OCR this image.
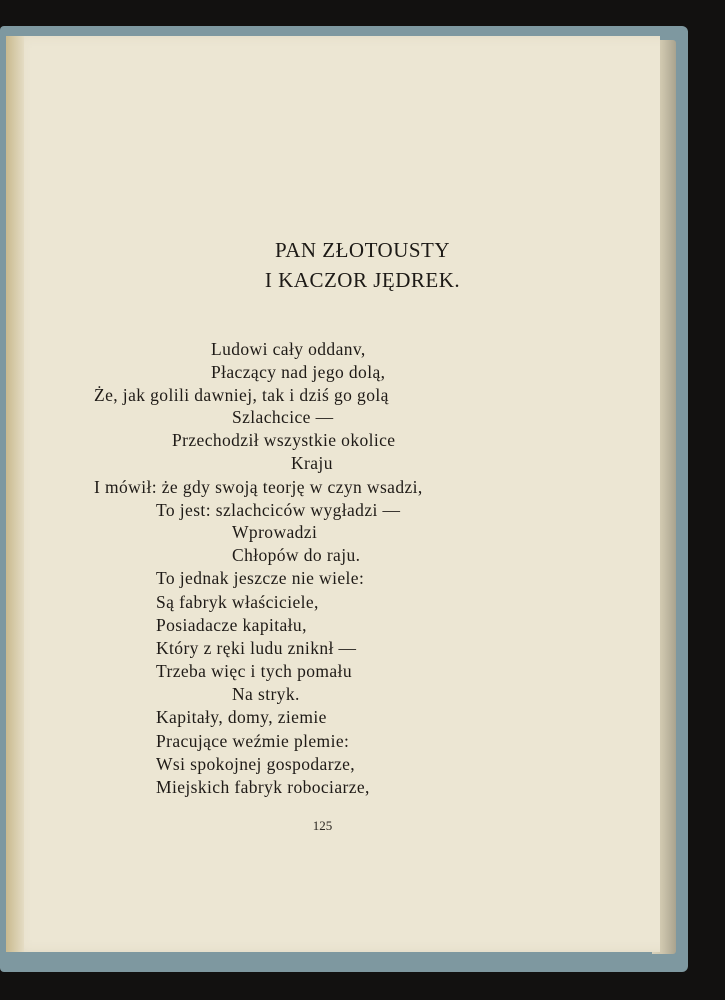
PAN ZŁOTOUSTY
I KACZOR JĘDREK.
Ludowi cały oddanv,
Płaczący nad jego dolą,
Że, jak golili dawniej, tak i dziś go golą
Szlachcice —
Przechodził wszystkie okolice
Kraju
I mówił: że gdy swoją teorję w czyn wsadzi,
To jest: szlachciców wygładzi —
Wprowadzi
Chłopów do raju.
To jednak jeszcze nie wiele:
Są fabryk właściciele,
Posiadacze kapitału,
Który z ręki ludu zniknł —
Trzeba więc i tych pomału
Na stryk.
Kapitały, domy, ziemie
Pracujące weźmie plemie:
Wsi spokojnej gospodarze,
Miejskich fabryk robociarze,
125
